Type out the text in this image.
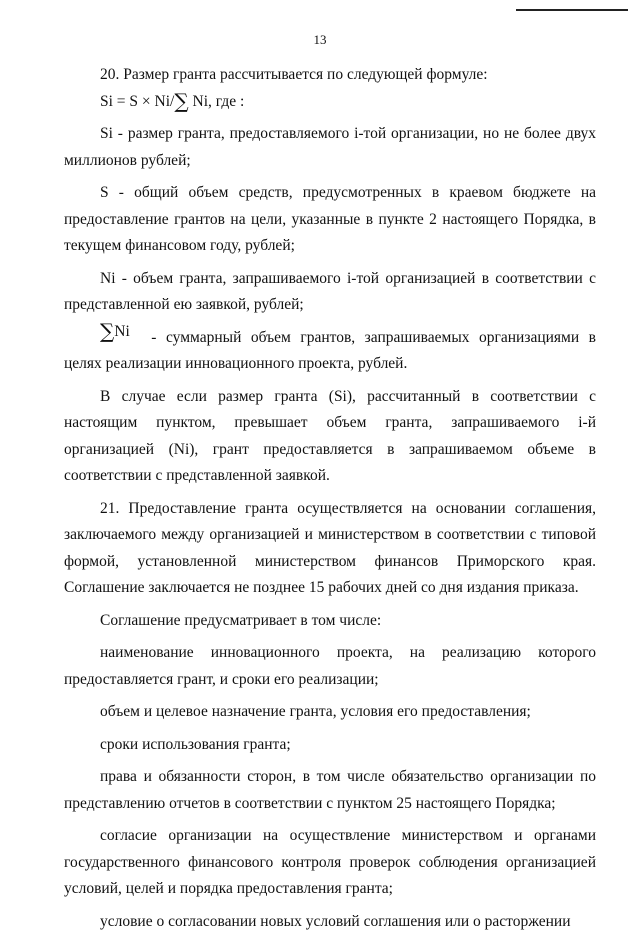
13

20. Размер гранта рассчитывается по следующей формуле:

Si = S × Ni/∑ Ni, где :

Si - размер гранта, предоставляемого i-той организации, но не более двух миллионов рублей;

S - общий объем средств, предусмотренных в краевом бюджете на предоставление грантов на цели, указанные в пункте 2 настоящего Порядка, в текущем финансовом году, рублей;

Ni - объем гранта, запрашиваемого i-той организацией в соответствии с представленной ею заявкой, рублей;

∑Ni - суммарный объем грантов, запрашиваемых организациями в целях реализации инновационного проекта, рублей.

В случае если размер гранта (Si), рассчитанный в соответствии с настоящим пунктом, превышает объем гранта, запрашиваемого i-й организацией (Ni), грант предоставляется в запрашиваемом объеме в соответствии с представленной заявкой.

21. Предоставление гранта осуществляется на основании соглашения, заключаемого между организацией и министерством в соответствии с типовой формой, установленной министерством финансов Приморского края. Соглашение заключается не позднее 15 рабочих дней со дня издания приказа.

Соглашение предусматривает в том числе:

наименование инновационного проекта, на реализацию которого предоставляется грант, и сроки его реализации;

объем и целевое назначение гранта, условия его предоставления;

сроки использования гранта;

права и обязанности сторон, в том числе обязательство организации по представлению отчетов в соответствии с пунктом 25 настоящего Порядка;

согласие организации на осуществление министерством и органами государственного финансового контроля проверок соблюдения организацией условий, целей и порядка предоставления гранта;

условие о согласовании новых условий соглашения или о расторжении
